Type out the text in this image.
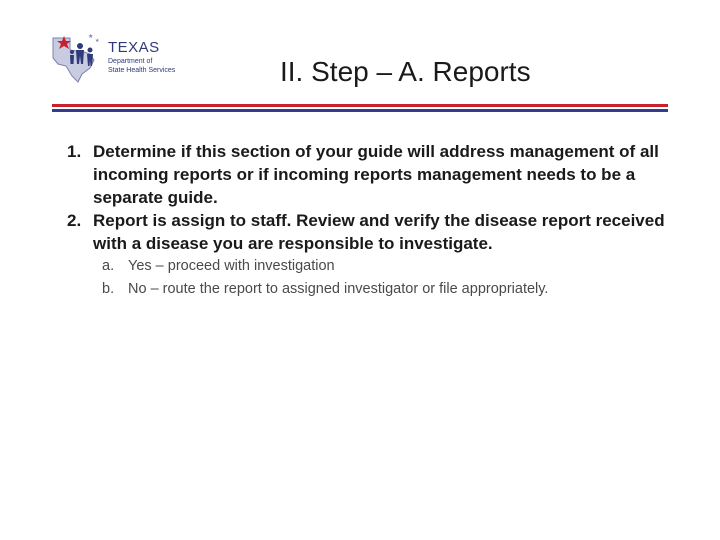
★
★ TEXAS
Department of
State Health Services	II. Step – A. Reports
1. Determine if this section of your guide will address management of all incoming reports or if incoming reports management needs to be a separate guide.
2. Report is assign to staff. Review and verify the disease report received with a disease you are responsible to investigate.
a. Yes – proceed with investigation
b. No – route the report to assigned investigator or file appropriately.
